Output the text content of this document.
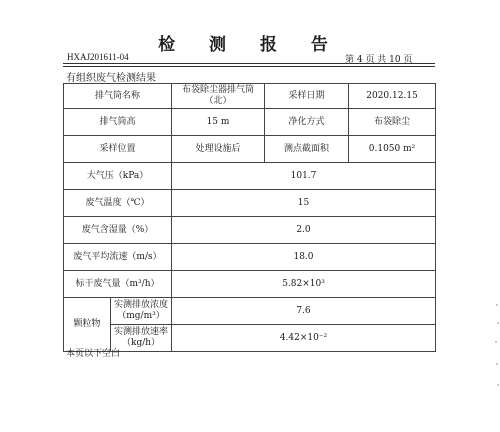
检 测 报 告
HXAJ201611-04	第 4 页 共 10 页
有组织废气检测结果
排气筒名称		布袋除尘器排气筒（北）	采样日期	2020.12.15
排气筒高		15 m	净化方式	布袋除尘
采样位置		处理设施后	测点截面积	0.1050 m²
大气压（kPa）		101.7		
废气温度（℃）		15		
废气含湿量（%）		2.0		
废气平均流速（m/s）		18.0		
标干废气量（m³/h）		5.82×10³		
颗粒物	实测排放浓度（mg/m³）	7.6		
	实测排放速率（kg/h）	4.42×10⁻²		
本页以下空白
